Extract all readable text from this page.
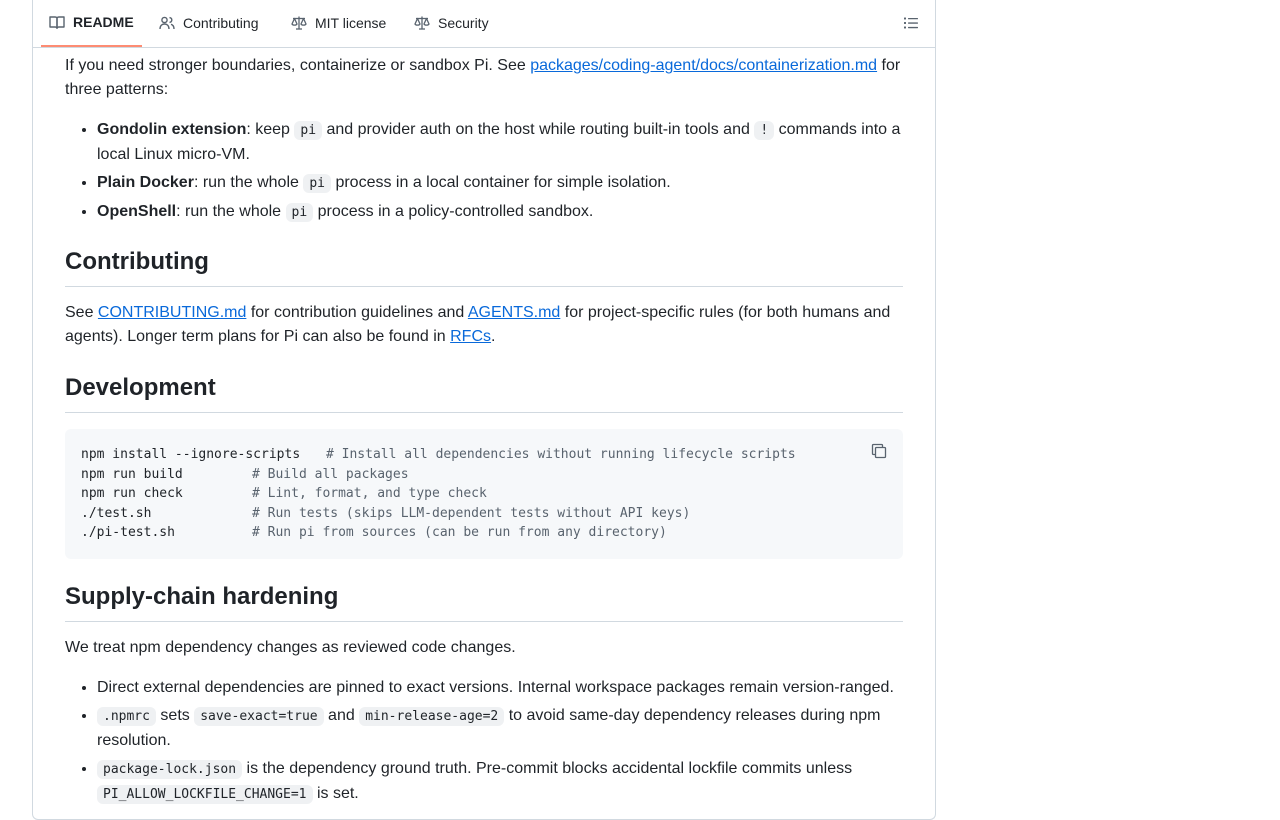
README	Contributing	MIT license	Security

If you need stronger boundaries, containerize or sandbox Pi. See packages/coding-agent/docs/containerization.md for three patterns:

• Gondolin extension: keep pi and provider auth on the host while routing built-in tools and ! commands into a local Linux micro-VM.
• Plain Docker: run the whole pi process in a local container for simple isolation.
• OpenShell: run the whole pi process in a policy-controlled sandbox.
Contributing

See CONTRIBUTING.md for contribution guidelines and AGENTS.md for project-specific rules (for both humans and agents). Longer term plans for Pi can also be found in RFCs.

Development
npm install --ignore-scripts # Install all dependencies without running lifecycle scripts
npm run build	# Build all packages
npm run check	# Lint, format, and type check
./test.sh	# Run tests (skips LLM-dependent tests without API keys)
./pi-test.sh	# Run pi from sources (can be run from any directory)
Supply-chain hardening

We treat npm dependency changes as reviewed code changes.

• Direct external dependencies are pinned to exact versions. Internal workspace packages remain version-ranged.
• .npmrc sets save-exact=true and min-release-age=2 to avoid same-day dependency releases during npm resolution.
• package-lock.json is the dependency ground truth. Pre-commit blocks accidental lockfile commits unless PI_ALLOW_LOCKFILE_CHANGE=1 is set.
